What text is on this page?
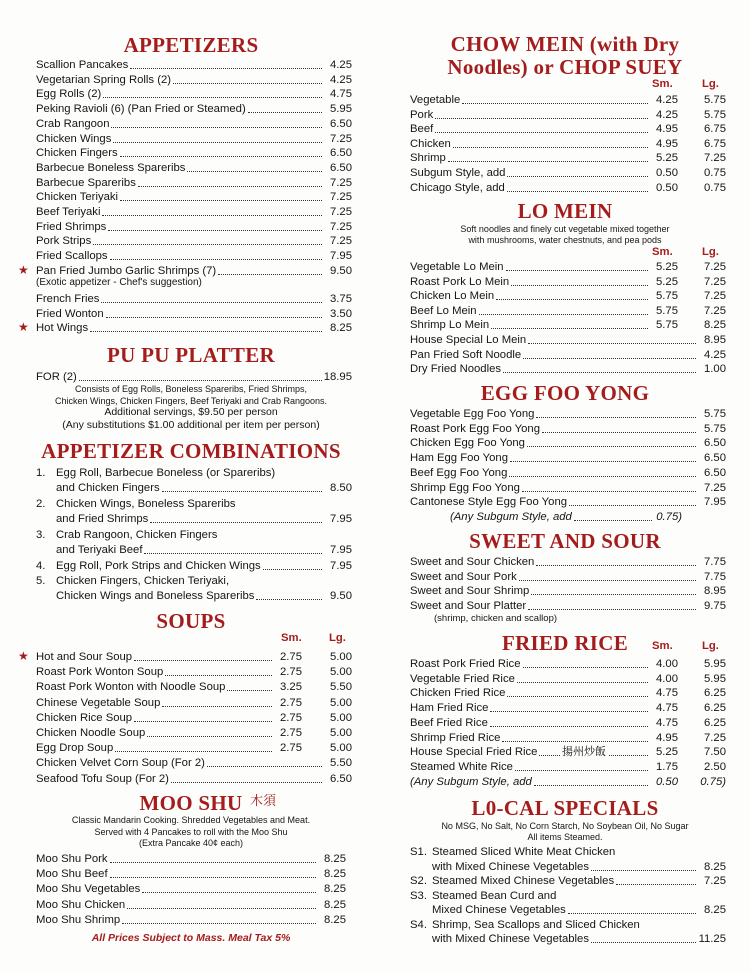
APPETIZERS
Scallion Pancakes	4.25
Vegetarian Spring Rolls (2)	4.25
Egg Rolls (2)	4.75
Peking Ravioli (6) (Pan Fried or Steamed)	5.95
Crab Rangoon	6.50
Chicken Wings	7.25
Chicken Fingers	6.50
Barbecue Boneless Spareribs	6.50
Barbecue Spareribs	7.25
Chicken Teriyaki	7.25
Beef Teriyaki	7.25
Fried Shrimps	7.25
Pork Strips	7.25
Fried Scallops	7.95
★ Pan Fried Jumbo Garlic Shrimps (7)	9.50
(Exotic appetizer - Chef's suggestion)
French Fries	3.75
Fried Wonton	3.50
★ Hot Wings	8.25
PU PU PLATTER
FOR (2)	18.95
Consists of Egg Rolls, Boneless Spareribs, Fried Shrimps,
Chicken Wings, Chicken Fingers, Beef Teriyaki and Crab Rangoons.
Additional servings, $9.50 per person
(Any substitutions $1.00 additional per item per person)
APPETIZER COMBINATIONS
1. Egg Roll, Barbecue Boneless (or Spareribs)
and Chicken Fingers	8.50
2. Chicken Wings, Boneless Spareribs
and Fried Shrimps	7.95
3. Crab Rangoon, Chicken Fingers
and Teriyaki Beef	7.95
4. Egg Roll, Pork Strips and Chicken Wings	7.95
5. Chicken Fingers, Chicken Teriyaki,
Chicken Wings and Boneless Spareribs	9.50
SOUPS
Sm. Lg.
★ Hot and Sour Soup	2.75	5.00
Roast Pork Wonton Soup	2.75	5.00
Roast Pork Wonton with Noodle Soup	3.25	5.50
Chinese Vegetable Soup	2.75	5.00
Chicken Rice Soup	2.75	5.00
Chicken Noodle Soup	2.75	5.00
Egg Drop Soup	2.75	5.00
Chicken Velvet Corn Soup (For 2)	5.50
Seafood Tofu Soup (For 2)	6.50
MOO SHU 木須
Classic Mandarin Cooking. Shredded Vegetables and Meat.
Served with 4 Pancakes to roll with the Moo Shu
(Extra Pancake 40¢ each)
Moo Shu Pork	8.25
Moo Shu Beef	8.25
Moo Shu Vegetables	8.25
Moo Shu Chicken	8.25
Moo Shu Shrimp	8.25
All Prices Subject to Mass. Meal Tax 5%
CHOW MEIN (with Dry
Noodles) or CHOP SUEY
Sm.	Lg.
Vegetable	4.25	5.75
Pork	4.25	5.75
Beef	4.95	6.75
Chicken	4.95	6.75
Shrimp	5.25	7.25
Subgum Style, add	0.50	0.75
Chicago Style, add	0.50	0.75
LO MEIN
Soft noodles and finely cut vegetable mixed together
with mushrooms, water chestnuts, and pea pods
Sm.	Lg.
Vegetable Lo Mein	5.25	7.25
Roast Pork Lo Mein	5.25	7.25
Chicken Lo Mein	5.75	7.25
Beef Lo Mein	5.75	7.25
Shrimp Lo Mein	5.75	8.25
House Special Lo Mein	8.95
Pan Fried Soft Noodle	4.25
Dry Fried Noodles	1.00
EGG FOO YONG
Vegetable Egg Foo Yong	5.75
Roast Pork Egg Foo Yong	5.75
Chicken Egg Foo Yong	6.50
Ham Egg Foo Yong	6.50
Beef Egg Foo Yong	6.50
Shrimp Egg Foo Yong	7.25
Cantonese Style Egg Foo Yong	7.95
(Any Subgum Style, add	0.75)
SWEET AND SOUR
Sweet and Sour Chicken	7.75
Sweet and Sour Pork	7.75
Sweet and Sour Shrimp	8.95
Sweet and Sour Platter	9.75
(shrimp, chicken and scallop)
FRIED RICE	Sm.	Lg.
Roast Pork Fried Rice	4.00	5.95
Vegetable Fried Rice	4.00	5.95
Chicken Fried Rice	4.75	6.25
Ham Fried Rice	4.75	6.25
Beef Fried Rice	4.75	6.25
Shrimp Fried Rice	4.95	7.25
House Special Fried Rice	5.25	7.50
揚州炒飯
Steamed White Rice	1.75	2.50
(Any Subgum Style, add	0.50	0.75)
L0-CAL SPECIALS
No MSG, No Salt, No Corn Starch, No Soybean Oil, No Sugar
All items Steamed.
S1. Steamed Sliced White Meat Chicken
with Mixed Chinese Vegetables	8.25
S2. Steamed Mixed Chinese Vegetables	7.25
S3. Steamed Bean Curd and
Mixed Chinese Vegetables	8.25
S4. Shrimp, Sea Scallops and Sliced Chicken
with Mixed Chinese Vegetables	11.25
